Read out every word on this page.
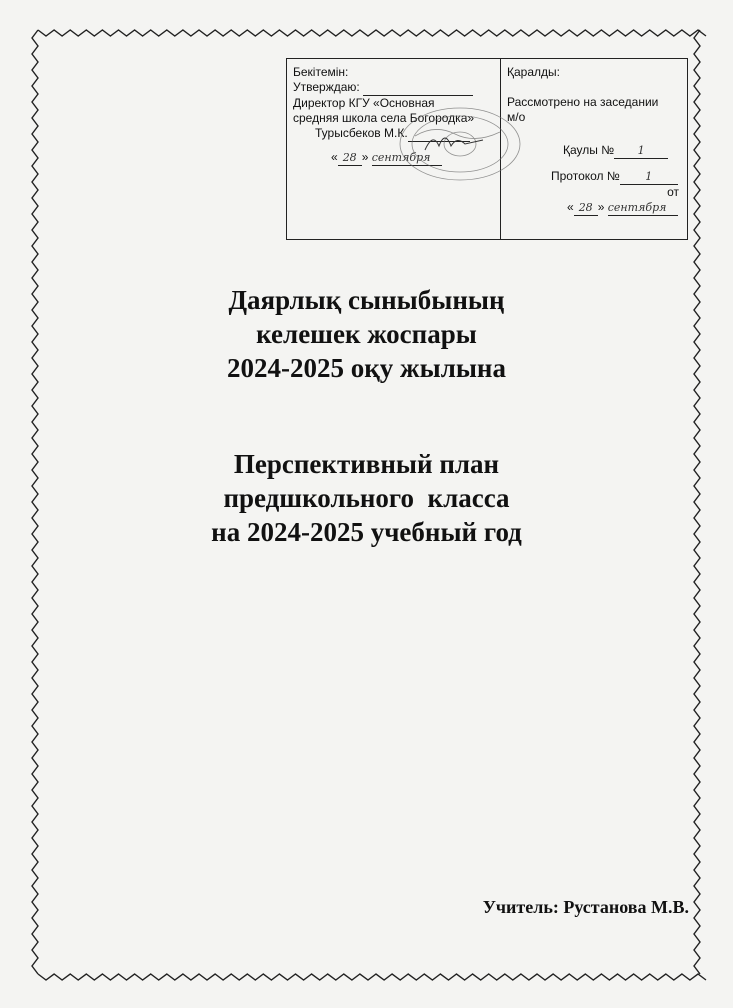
Бекітемін:
Утверждаю:
Директор КГУ «Основная
средняя школа села Богородка»
Турысбеков М.К.
« 28 » сентября
Қаралды:
Рассмотрено на заседании
м/о
Қаулы № 1
Протокол № 1
от
« 28 » сентября
Даярлық сыныбының
келешек жоспары
2024-2025 оқу жылына
Перспективный план
предшкольного  класса
на 2024-2025 учебный год
Учитель: Рустанова М.В.
